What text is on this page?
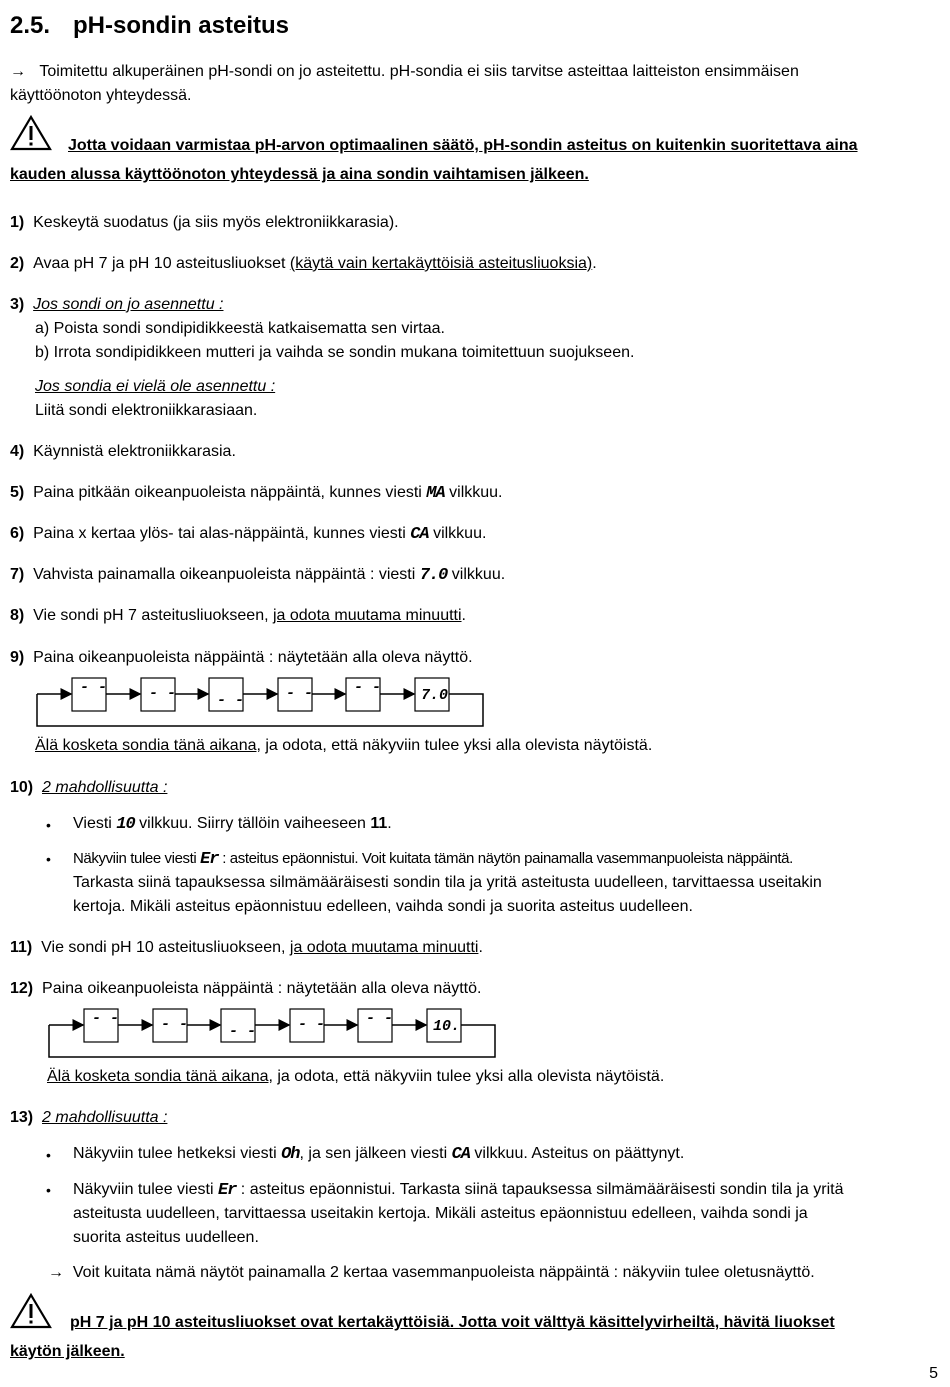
2.5. pH-sondin asteitus
→ Toimitettu alkuperäinen pH-sondi on jo asteitettu. pH-sondia ei siis tarvitse asteittaa laitteiston ensimmäisen
käyttöönoton yhteydessä.
Jotta voidaan varmistaa pH-arvon optimaalinen säätö, pH-sondin asteitus on kuitenkin suoritettava aina
kauden alussa käyttöönoton yhteydessä ja aina sondin vaihtamisen jälkeen.
1) Keskeytä suodatus (ja siis myös elektroniikkarasia).
2) Avaa pH 7 ja pH 10 asteitusliuokset (käytä vain kertakäyttöisiä asteitusliuoksia).
3) Jos sondi on jo asennettu :
a) Poista sondi sondipidikkeestä katkaisematta sen virtaa.
b) Irrota sondipidikkeen mutteri ja vaihda se sondin mukana toimitettuun suojukseen.
Jos sondia ei vielä ole asennettu :
Liitä sondi elektroniikkarasiaan.
4) Käynnistä elektroniikkarasia.
5) Paina pitkään oikeanpuoleista näppäintä, kunnes viesti MA vilkkuu.
6) Paina x kertaa ylös- tai alas-näppäintä, kunnes viesti CA vilkkuu.
7) Vahvista painamalla oikeanpuoleista näppäintä : viesti 7.0 vilkkuu.
8) Vie sondi pH 7 asteitusliuokseen, ja odota muutama minuutti.
9) Paina oikeanpuoleista näppäintä : näytetään alla oleva näyttö.
- -	- -	- -	- -	- -	7.0
Älä kosketa sondia tänä aikana, ja odota, että näkyviin tulee yksi alla olevista näytöistä.
10) 2 mahdollisuutta :
• Viesti 10 vilkkuu. Siirry tällöin vaiheeseen 11.
• Näkyviin tulee viesti Er : asteitus epäonnistui. Voit kuitata tämän näytön painamalla vasemmanpuoleista näppäintä.
Tarkasta siinä tapauksessa silmämääräisesti sondin tila ja yritä asteitusta uudelleen, tarvittaessa useitakin
kertoja. Mikäli asteitus epäonnistuu edelleen, vaihda sondi ja suorita asteitus uudelleen.
11) Vie sondi pH 10 asteitusliuokseen, ja odota muutama minuutti.
12) Paina oikeanpuoleista näppäintä : näytetään alla oleva näyttö.
- -	- -	- -	- -	- -	10.
Älä kosketa sondia tänä aikana, ja odota, että näkyviin tulee yksi alla olevista näytöistä.
13) 2 mahdollisuutta :
• Näkyviin tulee hetkeksi viesti Oh, ja sen jälkeen viesti CA vilkkuu. Asteitus on päättynyt.
• Näkyviin tulee viesti Er : asteitus epäonnistui. Tarkasta siinä tapauksessa silmämääräisesti sondin tila ja yritä
asteitusta uudelleen, tarvittaessa useitakin kertoja. Mikäli asteitus epäonnistuu edelleen, vaihda sondi ja
suorita asteitus uudelleen.
→ Voit kuitata nämä näytöt painamalla 2 kertaa vasemmanpuoleista näppäintä : näkyviin tulee oletusnäyttö.
pH 7 ja pH 10 asteitusliuokset ovat kertakäyttöisiä. Jotta voit välttyä käsittelyvirheiltä, hävitä liuokset
käytön jälkeen.
5
